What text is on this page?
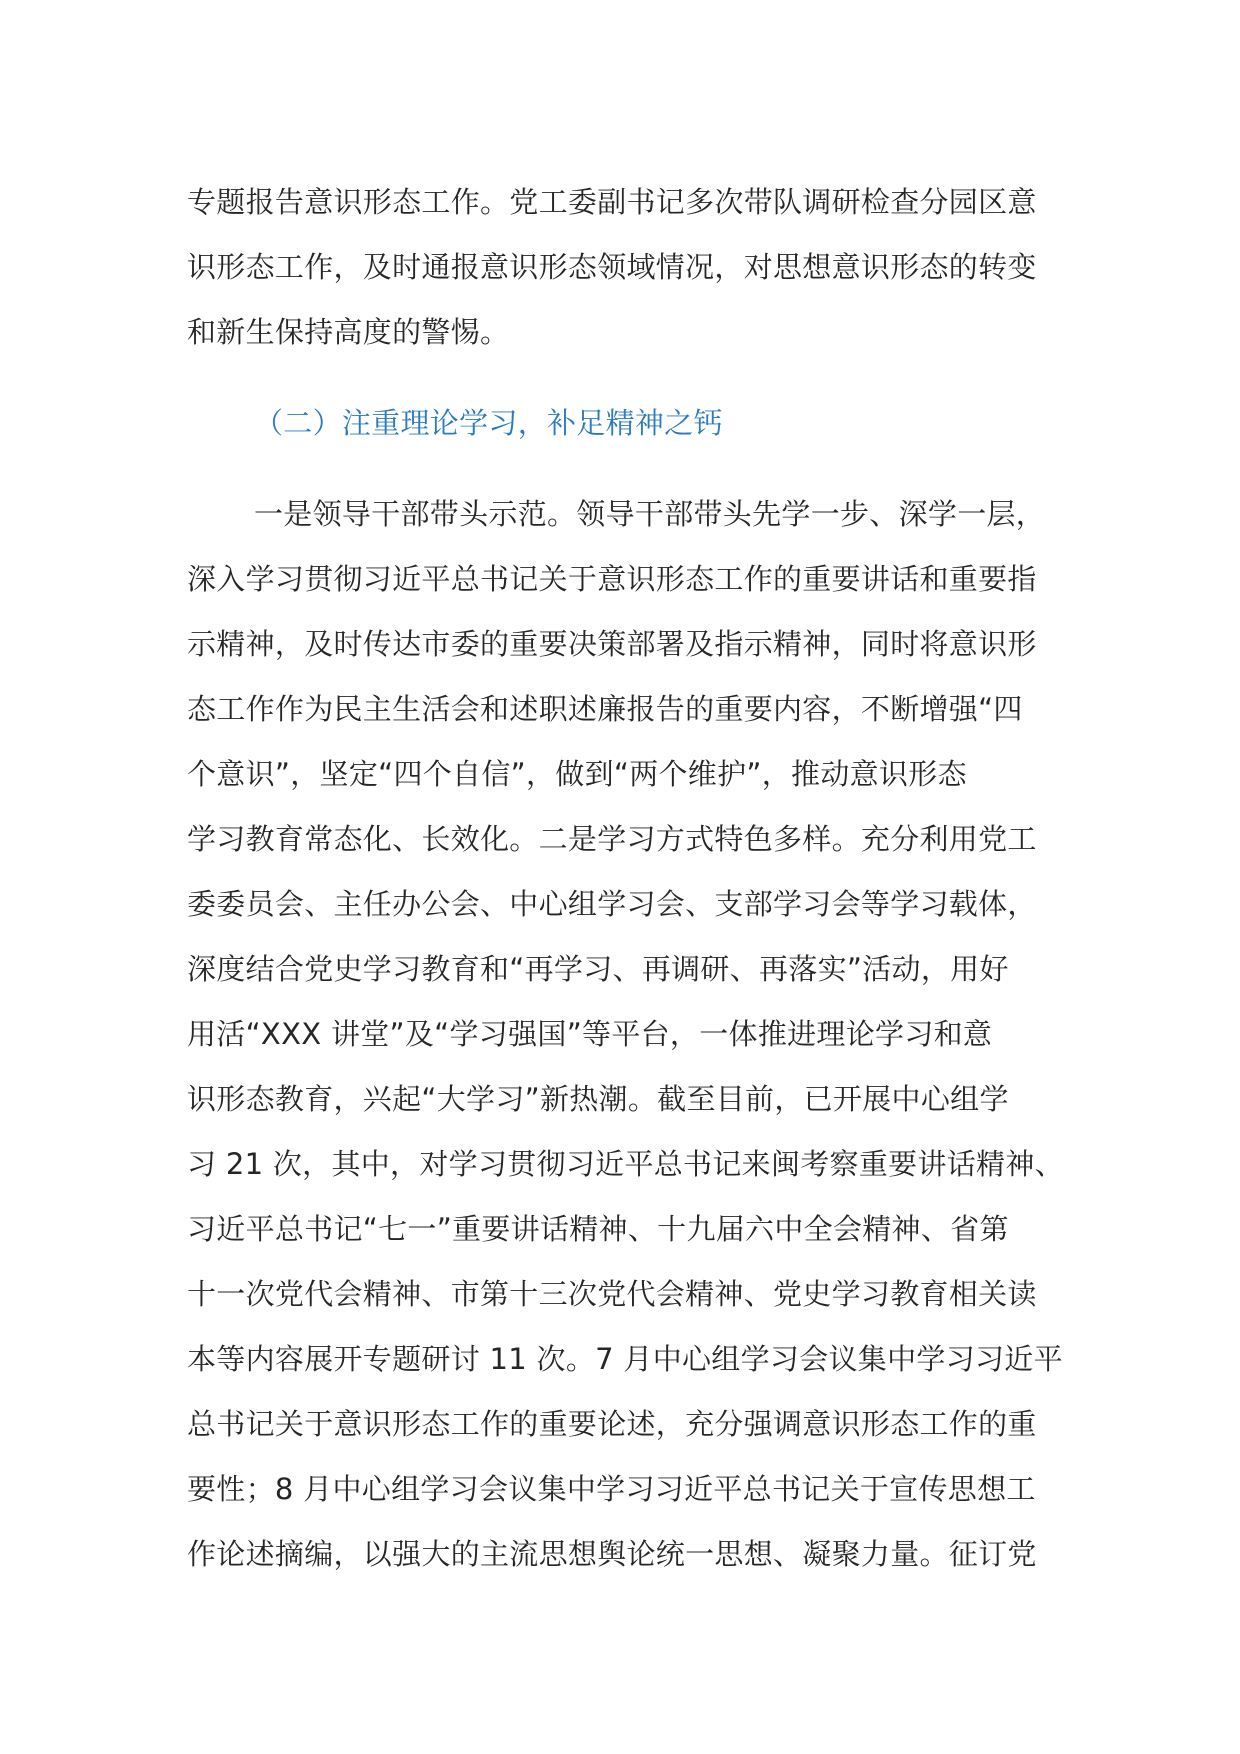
专题报告意识形态工作。党工委副书记多次带队调研检查分园区意
识形态工作，及时通报意识形态领域情况，对思想意识形态的转变
和新生保持高度的警惕。
（二）注重理论学习，补足精神之钙
一是领导干部带头示范。领导干部带头先学一步、深学一层，
深入学习贯彻习近平总书记关于意识形态工作的重要讲话和重要指
示精神，及时传达市委的重要决策部署及指示精神，同时将意识形
态工作作为民主生活会和述职述廉报告的重要内容，不断增强“四
个意识”，坚定“四个自信”，做到“两个维护”，推动意识形态
学习教育常态化、长效化。二是学习方式特色多样。充分利用党工
委委员会、主任办公会、中心组学习会、支部学习会等学习载体，
深度结合党史学习教育和“再学习、再调研、再落实”活动，用好
用活“XXX 讲堂”及“学习强国”等平台，一体推进理论学习和意
识形态教育，兴起“大学习”新热潮。截至目前，已开展中心组学
习 21 次，其中，对学习贯彻习近平总书记来闽考察重要讲话精神、
习近平总书记“七一”重要讲话精神、十九届六中全会精神、省第
十一次党代会精神、市第十三次党代会精神、党史学习教育相关读
本等内容展开专题研讨 11 次。7 月中心组学习会议集中学习习近平
总书记关于意识形态工作的重要论述，充分强调意识形态工作的重
要性；8 月中心组学习会议集中学习习近平总书记关于宣传思想工
作论述摘编，以强大的主流思想舆论统一思想、凝聚力量。征订党
